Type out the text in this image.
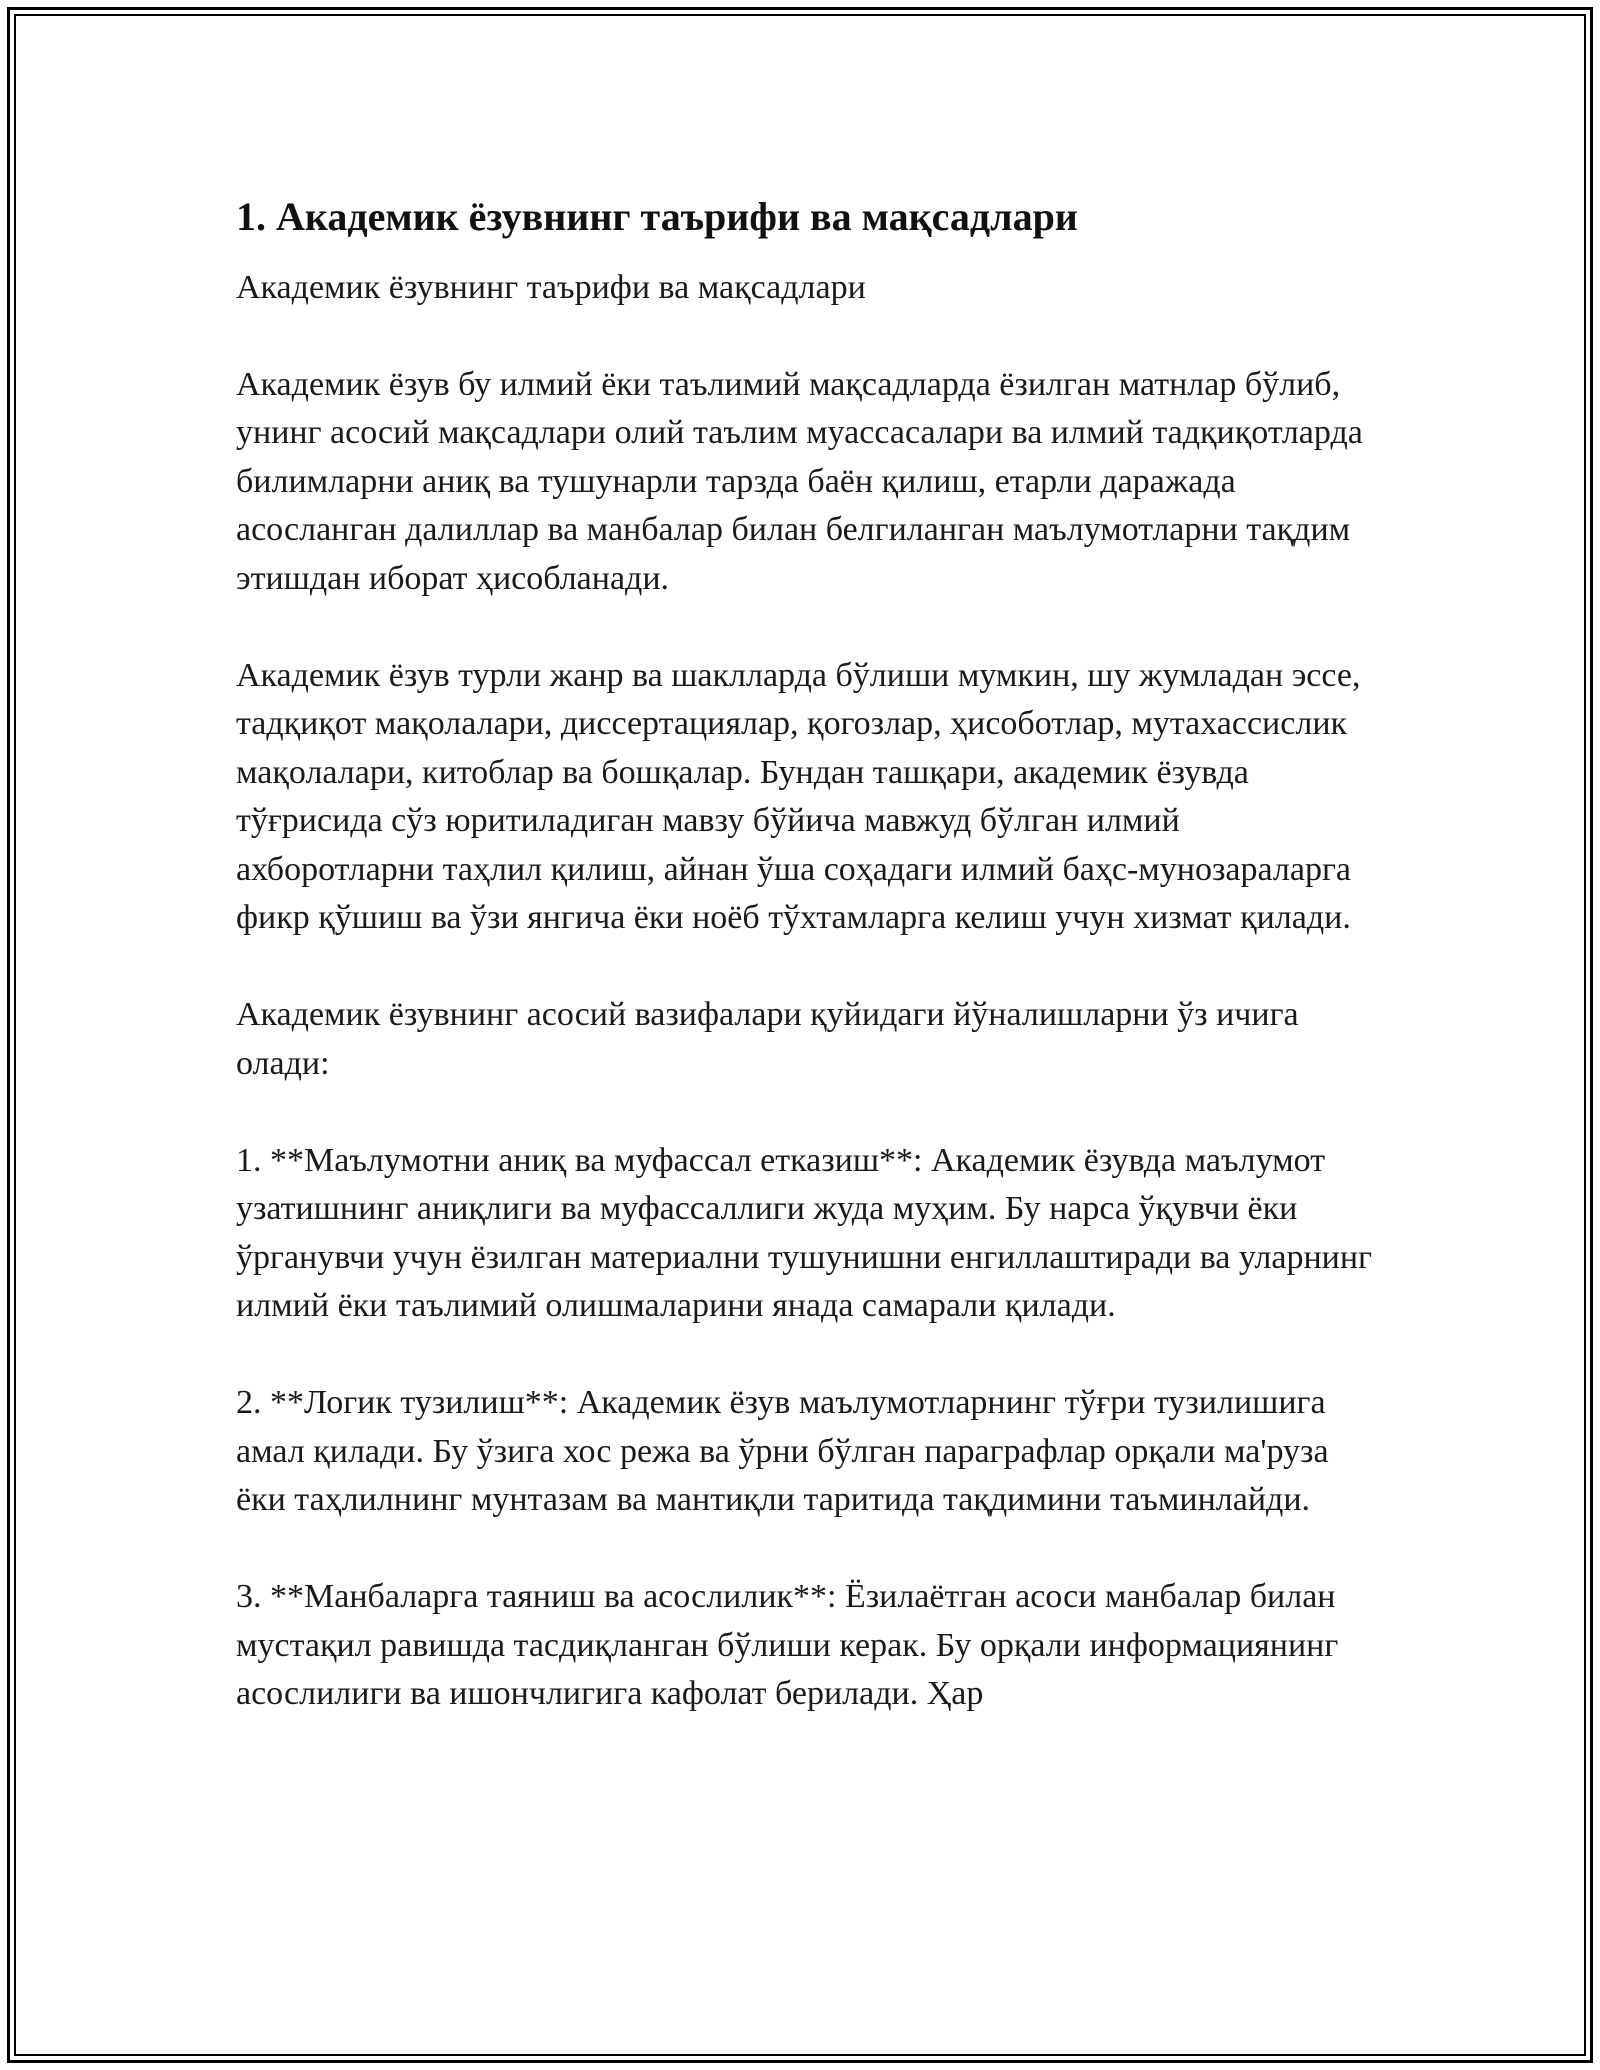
1. Академик ёзувнинг таърифи ва мақсадлари

Академик ёзувнинг таърифи ва мақсадлари

Академик ёзув бу илмий ёки таълимий мақсадларда ёзилган матнлар бўлиб, унинг асосий мақсадлари олий таълим муассасалари ва илмий тадқиқотларда билимларни аниқ ва тушунарли тарзда баён қилиш, етарли даражада асосланган далиллар ва манбалар билан белгиланган маълумотларни тақдим этишдан иборат ҳисобланади.

Академик ёзув турли жанр ва шаклларда бўлиши мумкин, шу жумладан эссе, тадқиқот мақолалари, диссертациялар, қогозлар, ҳисоботлар, мутахассислик мақолалари, китоблар ва бошқалар. Бундан ташқари, академик ёзувда тўғрисида сўз юритиладиган мавзу бўйича мавжуд бўлган илмий ахборотларни таҳлил қилиш, айнан ўша соҳадаги илмий баҳс-мунозараларга фикр қўшиш ва ўзи янгича ёки ноёб тўхтамларга келиш учун хизмат қилади.

Академик ёзувнинг асосий вазифалари қуйидаги йўналишларни ўз ичига олади:

1. **Маълумотни аниқ ва муфассал етказиш**: Академик ёзувда маълумот узатишнинг аниқлиги ва муфассаллиги жуда муҳим. Бу нарса ўқувчи ёки ўрганувчи учун ёзилган материални тушунишни енгиллаштиради ва уларнинг илмий ёки таълимий олишмаларини янада самарали қилади.

2. **Логик тузилиш**: Академик ёзув маълумотларнинг тўғри тузилишига амал қилади. Бу ўзига хос режа ва ўрни бўлган параграфлар орқали ма'руза ёки таҳлилнинг мунтазам ва мантиқли таритида тақдимини таъминлайди.

3. **Манбаларга таяниш ва асослилик**: Ёзилаётган асоси манбалар билан мустақил равишда тасдиқланган бўлиши керак. Бу орқали информациянинг асослилиги ва ишончлигига кафолат берилади. Ҳар
